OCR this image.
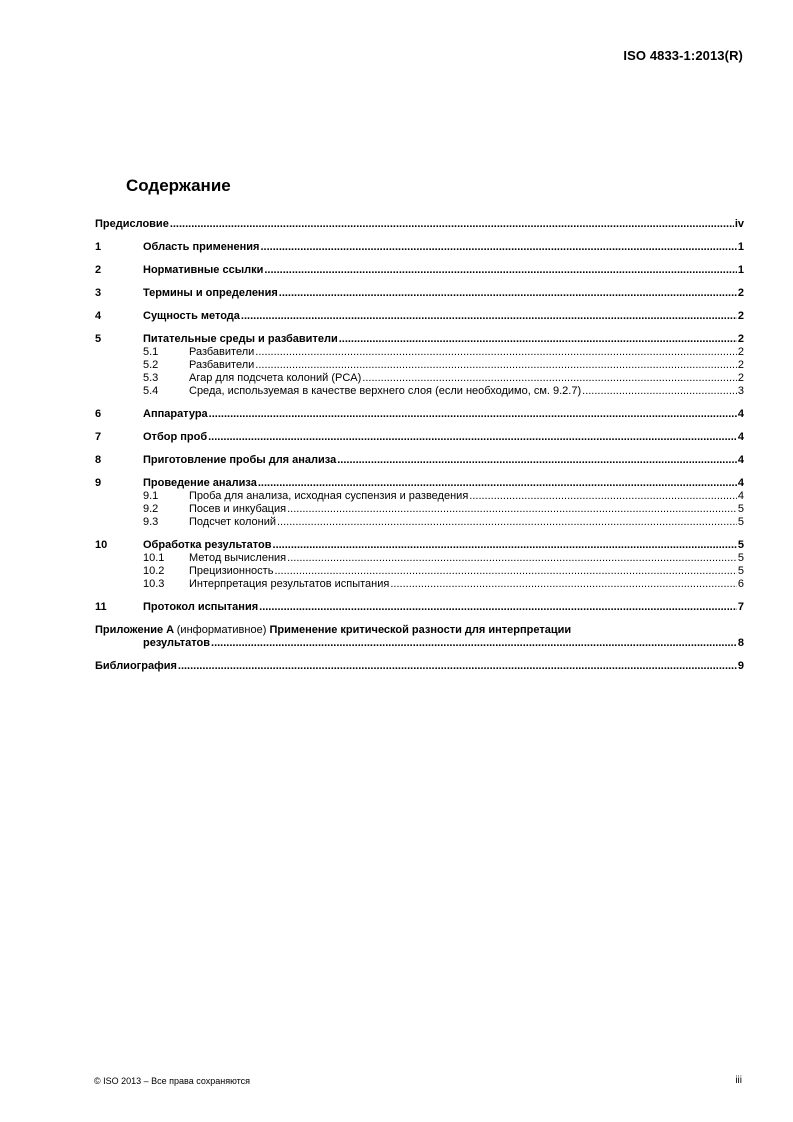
ISO 4833-1:2013(R)
Содержание
Предисловие .....	iv
1	Область применения .....	1
2	Нормативные ссылки .....	1
3	Термины и определения .....	2
4	Сущность метода .....	2
5	Питательные среды и разбавители .....	2
5.1	Разбавители .....	2
5.2	Разбавители .....	2
5.3	Агар для подсчета колоний (PCA) .....	2
5.4	Среда, используемая в качестве верхнего слоя (если необходимо, см. 9.2.7) .....	3
6	Аппаратура .....	4
7	Отбор проб .....	4
8	Приготовление пробы для анализа .....	4
9	Проведение анализа .....	4
9.1	Проба для анализа, исходная суспензия и разведения .....	4
9.2	Посев и инкубация .....	5
9.3	Подсчет колоний .....	5
10	Обработка результатов .....	5
10.1	Метод вычисления .....	5
10.2	Прецизионность .....	5
10.3	Интерпретация результатов испытания .....	6
11	Протокол испытания .....	7
Приложение A (информативное) Применение критической разности для интерпретации
результатов .....	8
Библиография .....	9
© ISO 2013 – Все права сохраняются	iii
